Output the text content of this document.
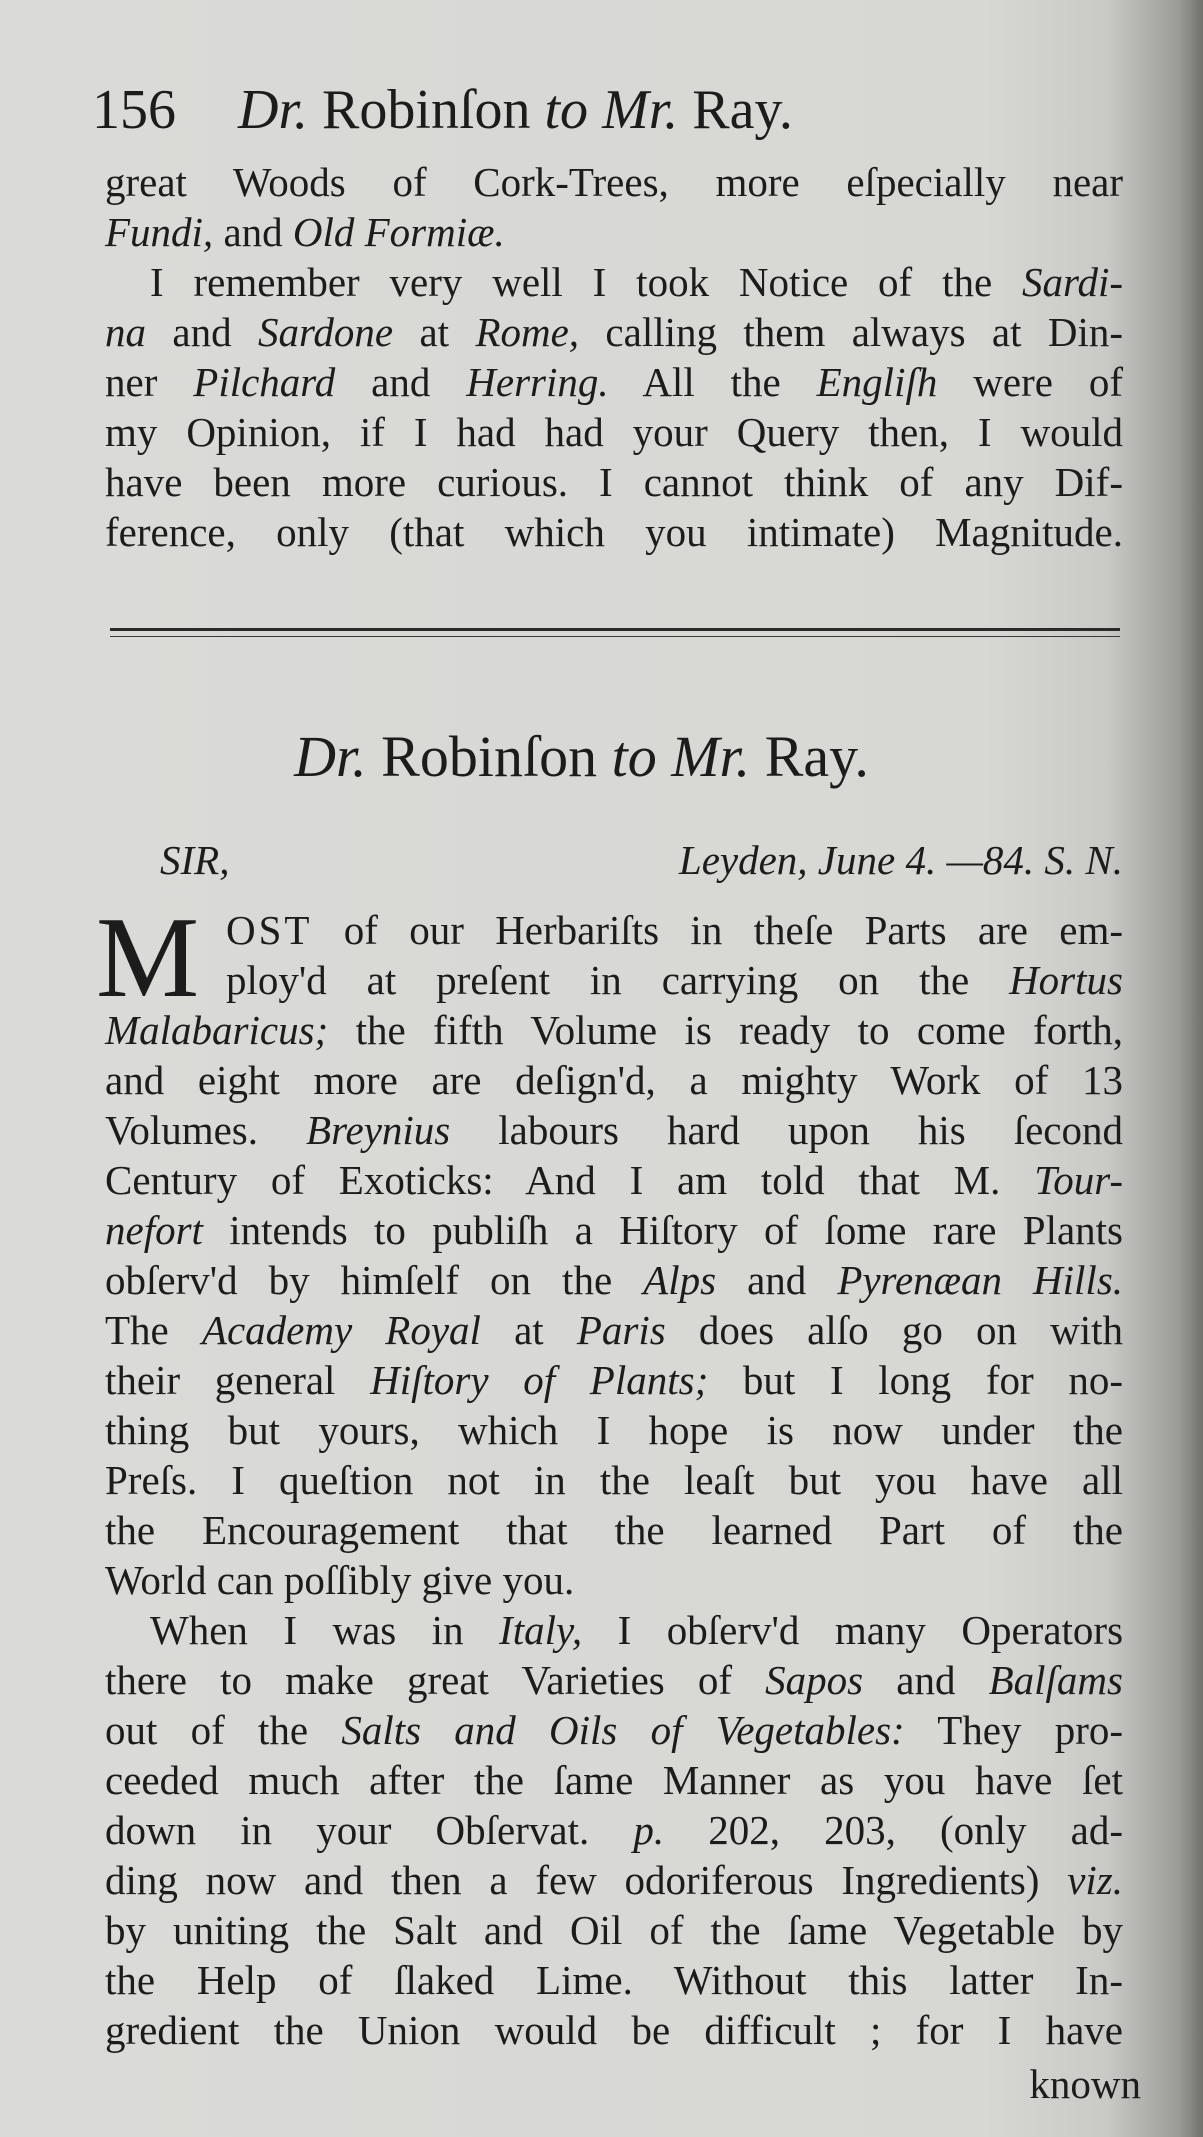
156 Dr. Robinſon to Mr. Ray.
great Woods of Cork-Trees, more eſpecially near
Fundi, and Old Formiæ.
I remember very well I took Notice of the Sardi-
na and Sardone at Rome, calling them always at Din-
ner Pilchard and Herring. All the Engliſh were of
my Opinion, if I had had your Query then, I would
have been more curious. I cannot think of any Dif-
ference, only (that which you intimate) Magnitude.
Dr. Robinſon to Mr. Ray.
SIR,	Leyden, June 4. —84. S. N.
M OST of our Herbariſts in theſe Parts are em-
ploy'd at preſent in carrying on the Hortus
Malabaricus; the fifth Volume is ready to come forth,
and eight more are deſign'd, a mighty Work of 13
Volumes. Breynius labours hard upon his ſecond
Century of Exoticks: And I am told that M. Tour-
nefort intends to publiſh a Hiſtory of ſome rare Plants
obſerv'd by himſelf on the Alps and Pyrenæan Hills.
The Academy Royal at Paris does alſo go on with
their general Hiſtory of Plants; but I long for no-
thing but yours, which I hope is now under the
Preſs. I queſtion not in the leaſt but you have all
the Encouragement that the learned Part of the
World can poſſibly give you.
When I was in Italy, I obſerv'd many Operators
there to make great Varieties of Sapos and Balſams
out of the Salts and Oils of Vegetables: They pro-
ceeded much after the ſame Manner as you have ſet
down in your Obſervat. p. 202, 203, (only ad-
ding now and then a few odoriferous Ingredients) viz.
by uniting the Salt and Oil of the ſame Vegetable by
the Help of ſlaked Lime. Without this latter In-
gredient the Union would be difficult ; for I have
known
